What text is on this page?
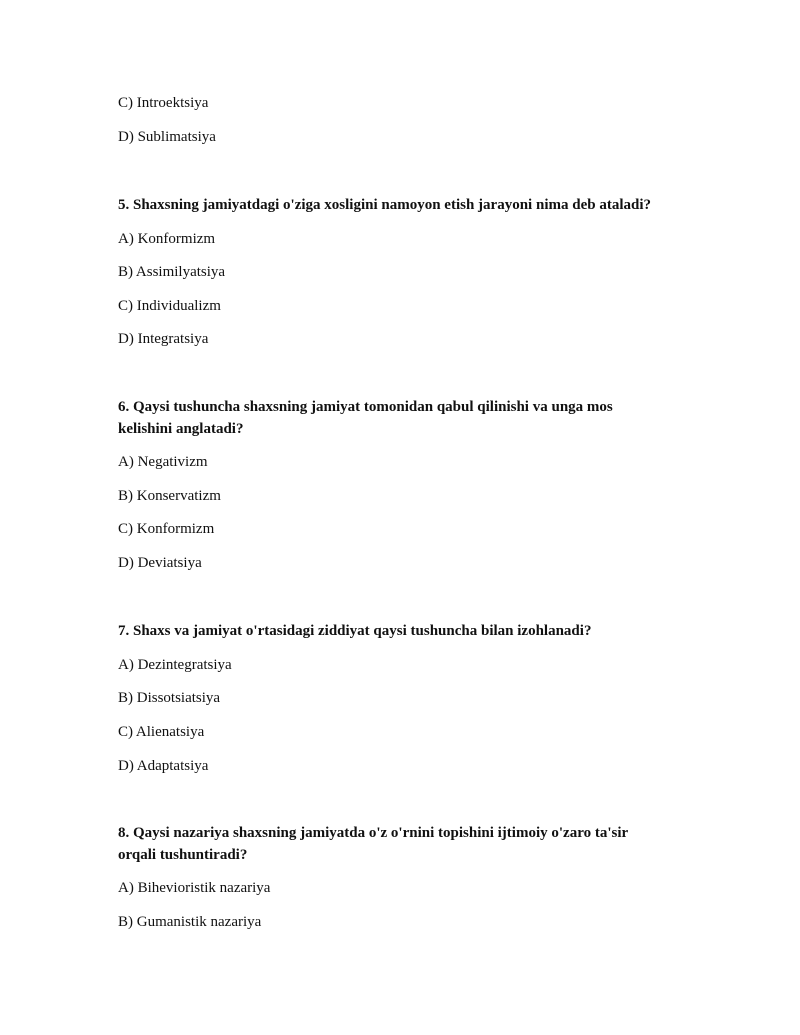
C) Introektsiya
D) Sublimatsiya
5. Shaxsning jamiyatdagi o'ziga xosligini namoyon etish jarayoni nima deb ataladi?
A) Konformizm
B) Assimilyatsiya
C) Individualizm
D) Integratsiya
6. Qaysi tushuncha shaxsning jamiyat tomonidan qabul qilinishi va unga mos
kelishini anglatadi?
A) Negativizm
B) Konservatizm
C) Konformizm
D) Deviatsiya
7. Shaxs va jamiyat o'rtasidagi ziddiyat qaysi tushuncha bilan izohlanadi?
A) Dezintegratsiya
B) Dissotsiatsiya
C) Alienatsiya
D) Adaptatsiya
8. Qaysi nazariya shaxsning jamiyatda o'z o'rnini topishini ijtimoiy o'zaro ta'sir
orqali tushuntiradi?
A) Bihevioristik nazariya
B) Gumanistik nazariya
